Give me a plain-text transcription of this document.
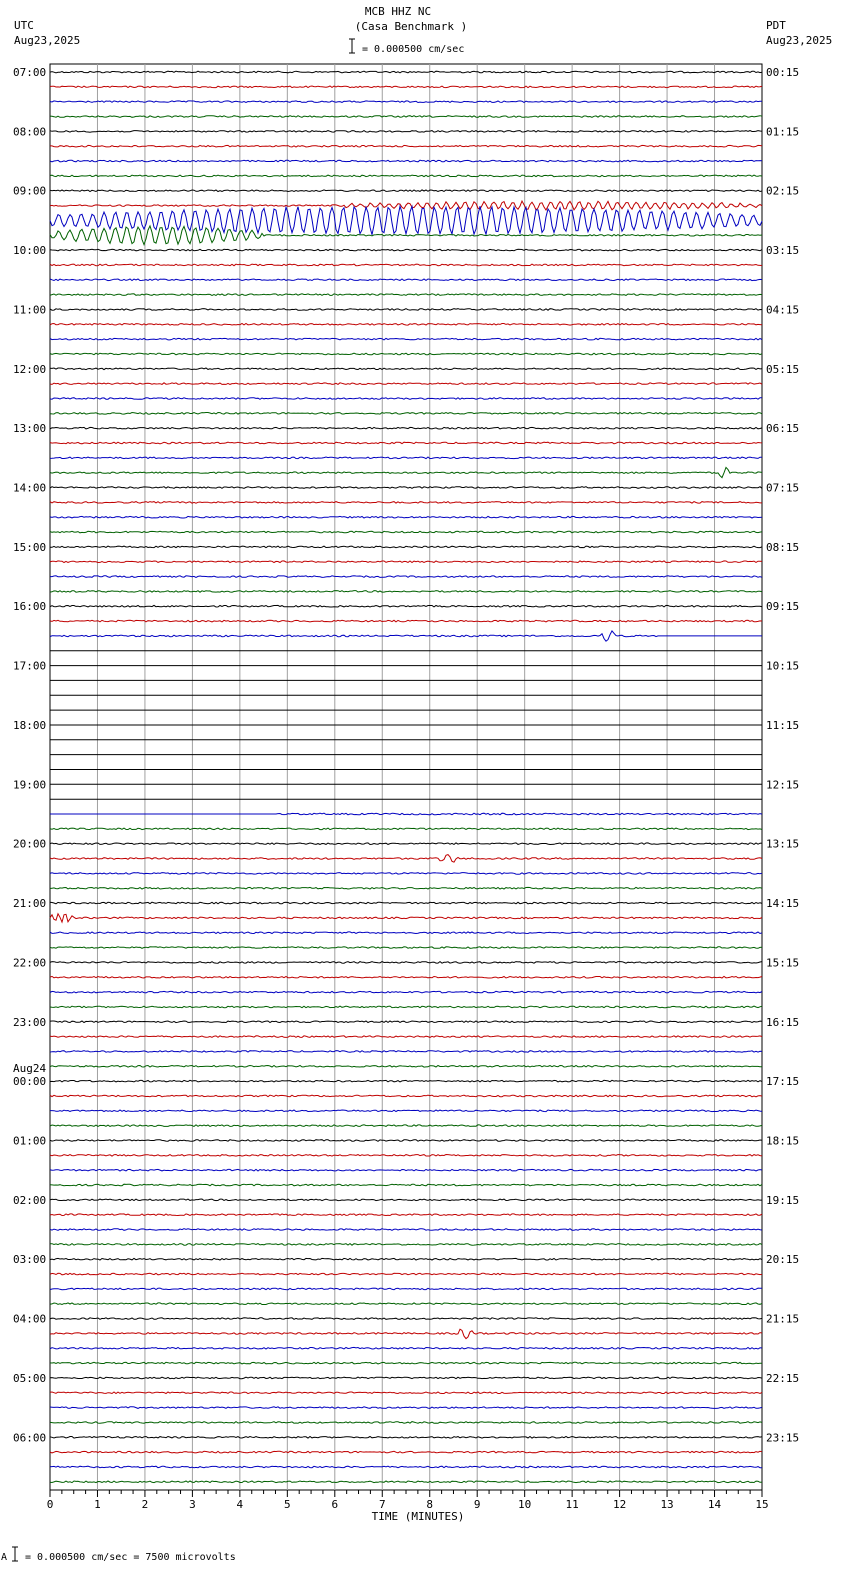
MCB HHZ NC
(Casa Benchmark )
= 0.000500 cm/sec
UTC
Aug23,2025
PDT
Aug23,2025
07:00	00:15
08:00	01:15
09:00	02:15
10:00	03:15
11:00	04:15
12:00	05:15
13:00	06:15
14:00	07:15
15:00	08:15
16:00	09:15
17:00	10:15
18:00	11:15
19:00	12:15
20:00	13:15
21:00	14:15
22:00	15:15
23:00	16:15
00:00	17:15
Aug24
01:00	18:15
02:00	19:15
03:00	20:15
04:00	21:15
05:00	22:15
06:00	23:15
0	1	2	3	4	5	6	7	8	9	10	11	12	13	14	15
TIME (MINUTES)
A = 0.000500 cm/sec = 7500 microvolts
